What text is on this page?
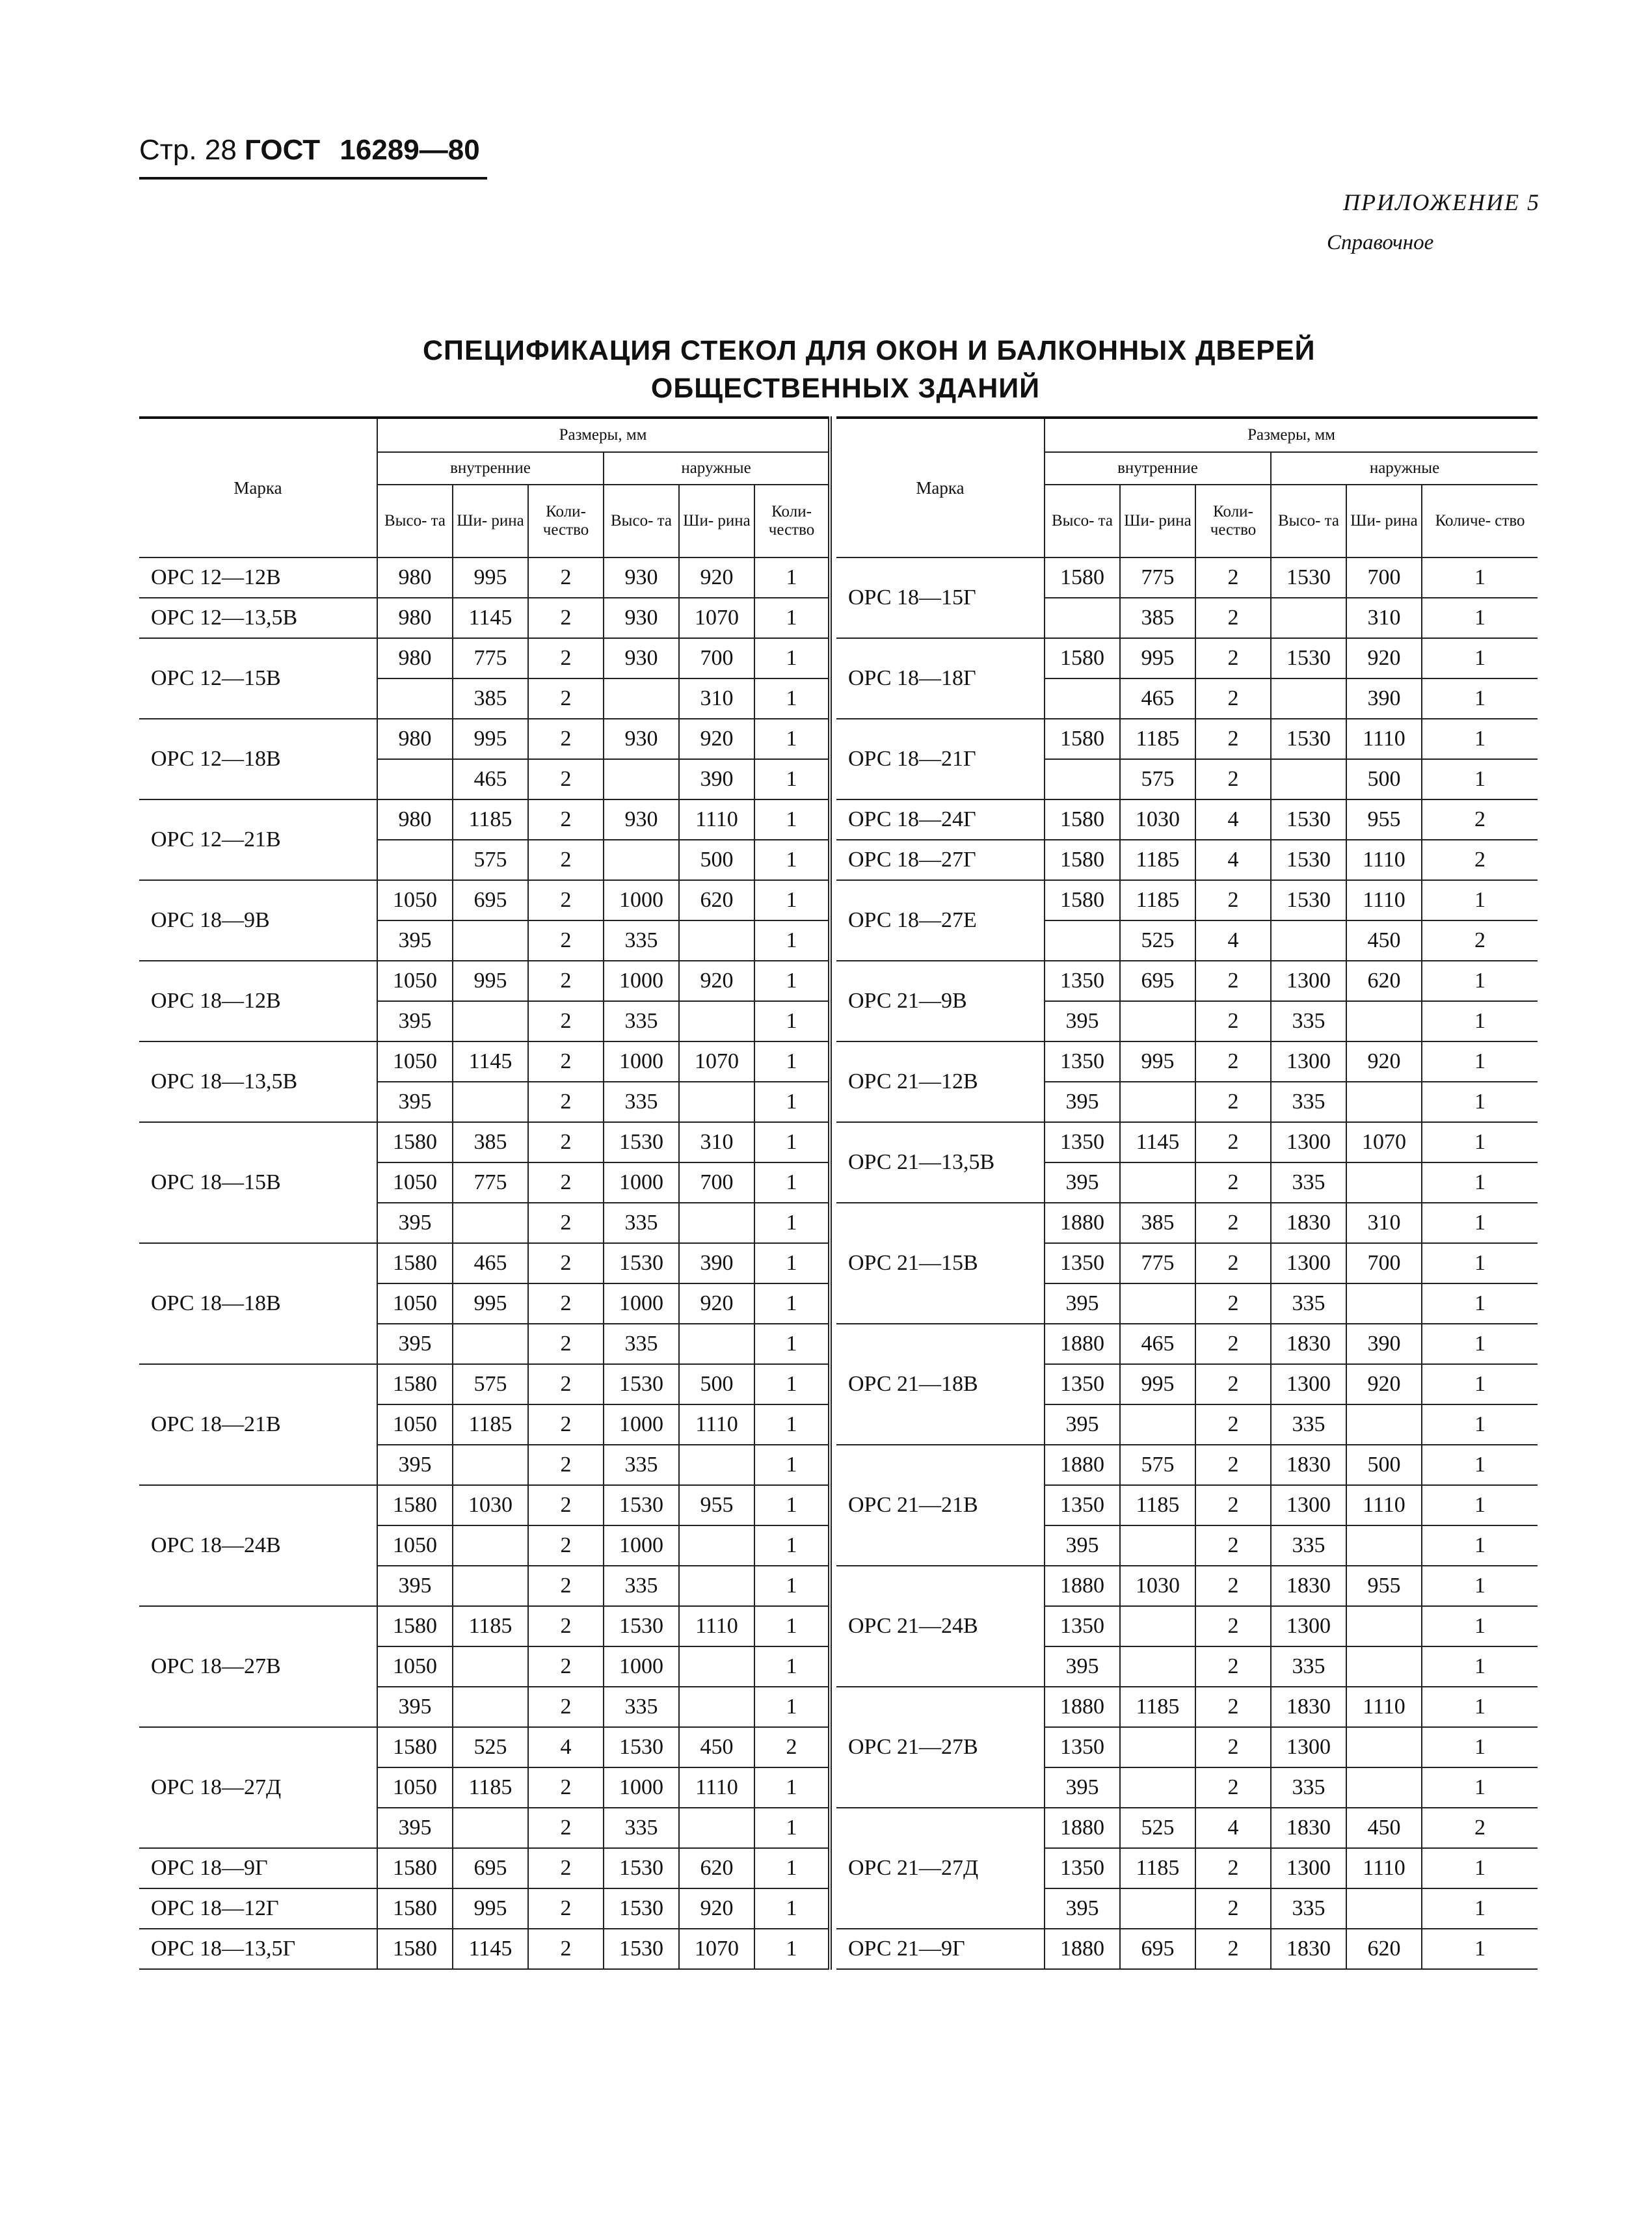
Стр. 28 ГОСТ 16289—80
ПРИЛОЖЕНИЕ 5
Справочное
СПЕЦИФИКАЦИЯ СТЕКОЛ ДЛЯ ОКОН И БАЛКОННЫХ ДВЕРЕЙ
ОБЩЕСТВЕННЫХ ЗДАНИЙ
Марка	Размеры, мм					
	внутренние			наружные		
	Высо- та	Ши- рина	Коли- чество	Высо- та	Ши- рина	Коли- чество
ОРС 12—12В	980	995	2	930	920	1
ОРС 12—13,5В	980	1145	2	930	1070	1
ОРС 12—15В	980	775	2	930	700	1
		385	2		310	1
ОРС 12—18В	980	995	2	930	920	1
		465	2		390	1
ОРС 12—21В	980	1185	2	930	1110	1
		575	2		500	1
ОРС 18—9В	1050	695	2	1000	620	1
	395		2	335		1
ОРС 18—12В	1050	995	2	1000	920	1
	395		2	335		1
ОРС 18—13,5В	1050	1145	2	1000	1070	1
	395		2	335		1
ОРС 18—15В	1580	385	2	1530	310	1
	1050	775	2	1000	700	1
	395		2	335		1
ОРС 18—18В	1580	465	2	1530	390	1
	1050	995	2	1000	920	1
	395		2	335		1
ОРС 18—21В	1580	575	2	1530	500	1
	1050	1185	2	1000	1110	1
	395		2	335		1
ОРС 18—24В	1580	1030	2	1530	955	1
	1050		2	1000		1
	395		2	335		1
ОРС 18—27В	1580	1185	2	1530	1110	1
	1050		2	1000		1
	395		2	335		1
ОРС 18—27Д	1580	525	4	1530	450	2
	1050	1185	2	1000	1110	1
	395		2	335		1
ОРС 18—9Г	1580	695	2	1530	620	1
ОРС 18—12Г	1580	995	2	1530	920	1
ОРС 18—13,5Г	1580	1145	2	1530	1070	1
Марка	Размеры, мм					
	внутренние			наружные		
	Высо- та	Ши- рина	Коли- чество	Высо- та	Ши- рина	Количе- ство
ОРС 18—15Г	1580	775	2	1530	700	1
		385	2		310	1
ОРС 18—18Г	1580	995	2	1530	920	1
		465	2		390	1
ОРС 18—21Г	1580	1185	2	1530	1110	1
		575	2		500	1
ОРС 18—24Г	1580	1030	4	1530	955	2
ОРС 18—27Г	1580	1185	4	1530	1110	2
ОРС 18—27Е	1580	1185	2	1530	1110	1
		525	4		450	2
ОРС 21—9В	1350	695	2	1300	620	1
	395		2	335		1
ОРС 21—12В	1350	995	2	1300	920	1
	395		2	335		1
ОРС 21—13,5В	1350	1145	2	1300	1070	1
	395		2	335		1
ОРС 21—15В	1880	385	2	1830	310	1
	1350	775	2	1300	700	1
	395		2	335		1
ОРС 21—18В	1880	465	2	1830	390	1
	1350	995	2	1300	920	1
	395		2	335		1
ОРС 21—21В	1880	575	2	1830	500	1
	1350	1185	2	1300	1110	1
	395		2	335		1
ОРС 21—24В	1880	1030	2	1830	955	1
	1350		2	1300		1
	395		2	335		1
ОРС 21—27В	1880	1185	2	1830	1110	1
	1350		2	1300		1
	395		2	335		1
ОРС 21—27Д	1880	525	4	1830	450	2
	1350	1185	2	1300	1110	1
	395		2	335		1
ОРС 21—9Г	1880	695	2	1830	620	1
